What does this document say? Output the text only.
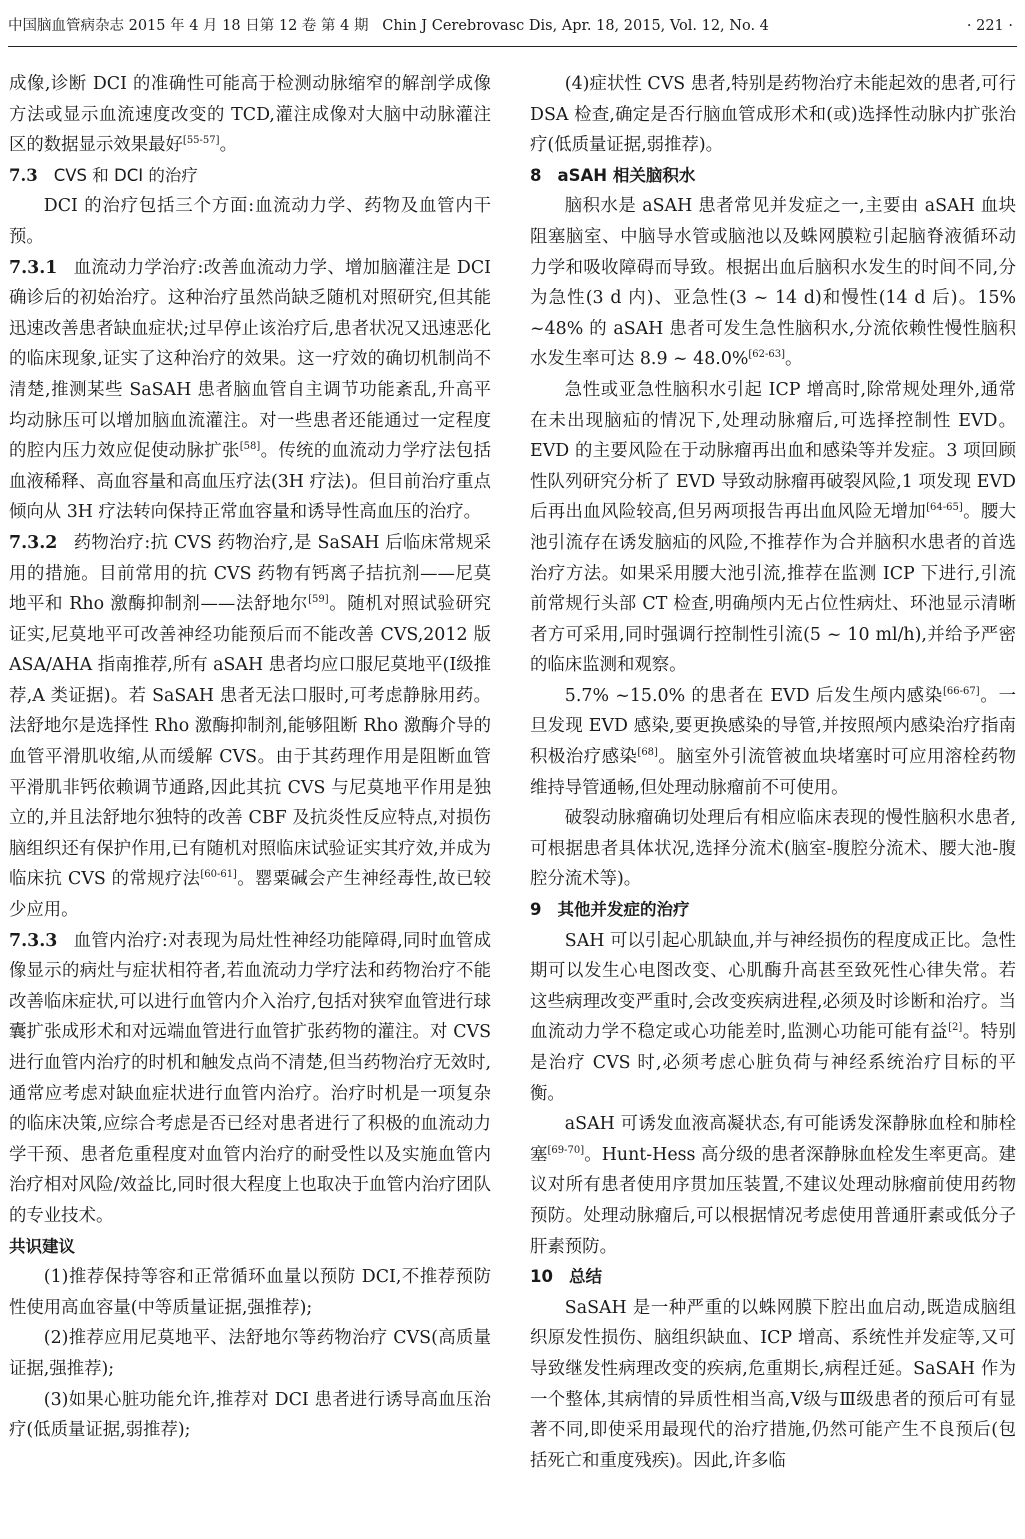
中国脑血管病杂志 2015 年 4 月 18 日第 12 卷 第 4 期 Chin J Cerebrovasc Dis, Apr. 18, 2015, Vol. 12, No. 4	· 221 ·

成像,诊断 DCI 的准确性可能高于检测动脉缩窄的解剖学成像方法或显示血流速度改变的 TCD,灌注成像对大脑中动脉灌注区的数据显示效果最好[55-57]。

7.3 CVS 和 DCI 的治疗

DCI 的治疗包括三个方面:血流动力学、药物及血管内干预。

7.3.1 血流动力学治疗:改善血流动力学、增加脑灌注是 DCI 确诊后的初始治疗。这种治疗虽然尚缺乏随机对照研究,但其能迅速改善患者缺血症状;过早停止该治疗后,患者状况又迅速恶化的临床现象,证实了这种治疗的效果。这一疗效的确切机制尚不清楚,推测某些 SaSAH 患者脑血管自主调节功能紊乱,升高平均动脉压可以增加脑血流灌注。对一些患者还能通过一定程度的腔内压力效应促使动脉扩张[58]。传统的血流动力学疗法包括血液稀释、高血容量和高血压疗法(3H 疗法)。但目前治疗重点倾向从 3H 疗法转向保持正常血容量和诱导性高血压的治疗。

7.3.2 药物治疗:抗 CVS 药物治疗,是 SaSAH 后临床常规采用的措施。目前常用的抗 CVS 药物有钙离子拮抗剂——尼莫地平和 Rho 激酶抑制剂——法舒地尔[59]。随机对照试验研究证实,尼莫地平可改善神经功能预后而不能改善 CVS,2012 版 ASA/AHA 指南推荐,所有 aSAH 患者均应口服尼莫地平(Ⅰ级推荐,A 类证据)。若 SaSAH 患者无法口服时,可考虑静脉用药。法舒地尔是选择性 Rho 激酶抑制剂,能够阻断 Rho 激酶介导的血管平滑肌收缩,从而缓解 CVS。由于其药理作用是阻断血管平滑肌非钙依赖调节通路,因此其抗 CVS 与尼莫地平作用是独立的,并且法舒地尔独特的改善 CBF 及抗炎性反应特点,对损伤脑组织还有保护作用,已有随机对照临床试验证实其疗效,并成为临床抗 CVS 的常规疗法[60-61]。罂粟碱会产生神经毒性,故已较少应用。

7.3.3 血管内治疗:对表现为局灶性神经功能障碍,同时血管成像显示的病灶与症状相符者,若血流动力学疗法和药物治疗不能改善临床症状,可以进行血管内介入治疗,包括对狭窄血管进行球囊扩张成形术和对远端血管进行血管扩张药物的灌注。对 CVS 进行血管内治疗的时机和触发点尚不清楚,但当药物治疗无效时,通常应考虑对缺血症状进行血管内治疗。治疗时机是一项复杂的临床决策,应综合考虑是否已经对患者进行了积极的血流动力学干预、患者危重程度对血管内治疗的耐受性以及实施血管内治疗相对风险/效益比,同时很大程度上也取决于血管内治疗团队的专业技术。

共识建议

(1)推荐保持等容和正常循环血量以预防 DCI,不推荐预防性使用高血容量(中等质量证据,强推荐);

(2)推荐应用尼莫地平、法舒地尔等药物治疗 CVS(高质量证据,强推荐);

(3)如果心脏功能允许,推荐对 DCI 患者进行诱导高血压治疗(低质量证据,弱推荐);

(4)症状性 CVS 患者,特别是药物治疗未能起效的患者,可行 DSA 检查,确定是否行脑血管成形术和(或)选择性动脉内扩张治疗(低质量证据,弱推荐)。

8 aSAH 相关脑积水

脑积水是 aSAH 患者常见并发症之一,主要由 aSAH 血块阻塞脑室、中脑导水管或脑池以及蛛网膜粒引起脑脊液循环动力学和吸收障碍而导致。根据出血后脑积水发生的时间不同,分为急性(3 d 内)、亚急性(3 ~ 14 d)和慢性(14 d 后)。15% ~48% 的 aSAH 患者可发生急性脑积水,分流依赖性慢性脑积水发生率可达 8.9 ~ 48.0%[62-63]。

急性或亚急性脑积水引起 ICP 增高时,除常规处理外,通常在未出现脑疝的情况下,处理动脉瘤后,可选择控制性 EVD。EVD 的主要风险在于动脉瘤再出血和感染等并发症。3 项回顾性队列研究分析了 EVD 导致动脉瘤再破裂风险,1 项发现 EVD 后再出血风险较高,但另两项报告再出血风险无增加[64-65]。腰大池引流存在诱发脑疝的风险,不推荐作为合并脑积水患者的首选治疗方法。如果采用腰大池引流,推荐在监测 ICP 下进行,引流前常规行头部 CT 检查,明确颅内无占位性病灶、环池显示清晰者方可采用,同时强调行控制性引流(5 ~ 10 ml/h),并给予严密的临床监测和观察。

5.7% ~15.0% 的患者在 EVD 后发生颅内感染[66-67]。一旦发现 EVD 感染,要更换感染的导管,并按照颅内感染治疗指南积极治疗感染[68]。脑室外引流管被血块堵塞时可应用溶栓药物维持导管通畅,但处理动脉瘤前不可使用。

破裂动脉瘤确切处理后有相应临床表现的慢性脑积水患者,可根据患者具体状况,选择分流术(脑室-腹腔分流术、腰大池-腹腔分流术等)。

9 其他并发症的治疗

SAH 可以引起心肌缺血,并与神经损伤的程度成正比。急性期可以发生心电图改变、心肌酶升高甚至致死性心律失常。若这些病理改变严重时,会改变疾病进程,必须及时诊断和治疗。当血流动力学不稳定或心功能差时,监测心功能可能有益[2]。特别是治疗 CVS 时,必须考虑心脏负荷与神经系统治疗目标的平衡。

aSAH 可诱发血液高凝状态,有可能诱发深静脉血栓和肺栓塞[69-70]。Hunt-Hess 高分级的患者深静脉血栓发生率更高。建议对所有患者使用序贯加压装置,不建议处理动脉瘤前使用药物预防。处理动脉瘤后,可以根据情况考虑使用普通肝素或低分子肝素预防。

10 总结

SaSAH 是一种严重的以蛛网膜下腔出血启动,既造成脑组织原发性损伤、脑组织缺血、ICP 增高、系统性并发症等,又可导致继发性病理改变的疾病,危重期长,病程迁延。SaSAH 作为一个整体,其病情的异质性相当高,Ⅴ级与Ⅲ级患者的预后可有显著不同,即使采用最现代的治疗措施,仍然可能产生不良预后(包括死亡和重度残疾)。因此,许多临
